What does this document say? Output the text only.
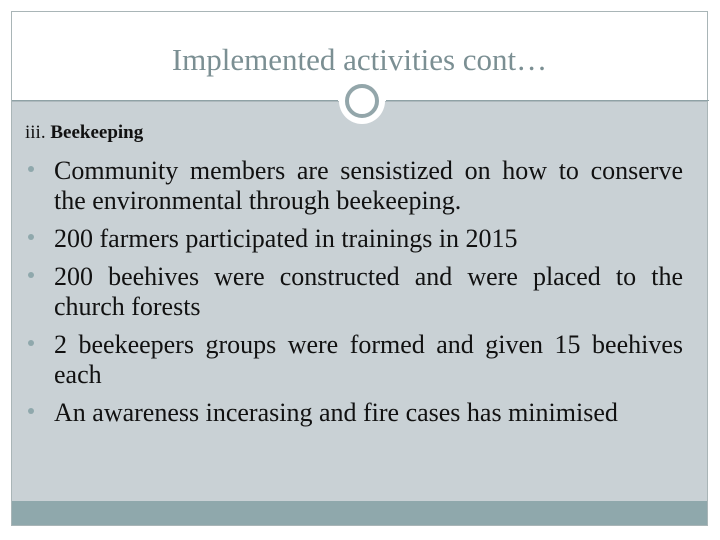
Implemented activities cont…
iii. Beekeeping
Community members are sensistized on how to conserve the environmental through beekeeping.
200 farmers participated in trainings in 2015
200 beehives were constructed and were placed to the church forests
2 beekeepers groups were formed and given 15 beehives each
An awareness incerasing and fire cases has minimised
